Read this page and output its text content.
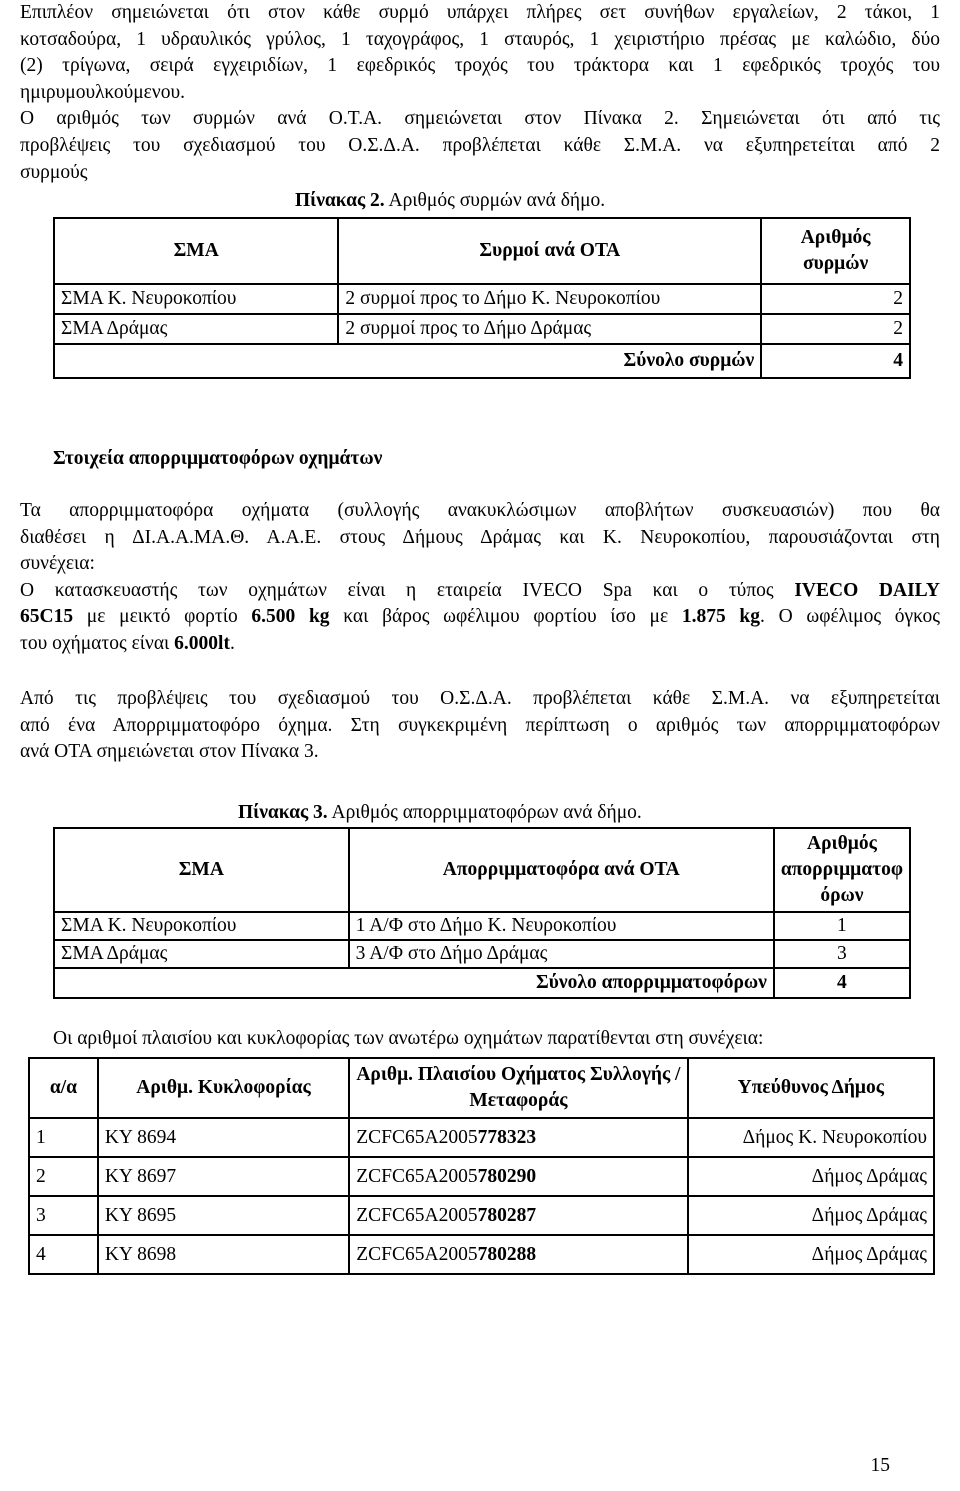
Επιπλέον σημειώνεται ότι στον κάθε συρμό υπάρχει πλήρες σετ συνήθων εργαλείων, 2 τάκοι, 1
κοτσαδούρα, 1 υδραυλικός γρύλος, 1 ταχογράφος, 1 σταυρός, 1 χειριστήριο πρέσας με καλώδιο, δύο
(2) τρίγωνα, σειρά εγχειριδίων, 1 εφεδρικός τροχός του τράκτορα και 1 εφεδρικός τροχός του
ημιρυμουλκούμενου.
Ο αριθμός των συρμών ανά Ο.Τ.Α. σημειώνεται στον Πίνακα 2. Σημειώνεται ότι από τις
προβλέψεις του σχεδιασμού του Ο.Σ.Δ.Α. προβλέπεται κάθε Σ.Μ.Α. να εξυπηρετείται από 2
συρμούς

Πίνακας 2. Αριθμός συρμών ανά δήμο.

ΣΜΑ	Συρμοί ανά ΟΤΑ	Αριθμός συρμών
ΣΜΑ Κ. Νευροκοπίου	2 συρμοί προς το Δήμο Κ. Νευροκοπίου	2
ΣΜΑ Δράμας	2 συρμοί προς το Δήμο Δράμας	2
Σύνολο συρμών		4

Στοιχεία απορριμματοφόρων οχημάτων

Τα απορριμματοφόρα οχήματα (συλλογής ανακυκλώσιμων αποβλήτων συσκευασιών) που θα
διαθέσει η ΔΙ.Α.Α.ΜΑ.Θ. Α.Α.Ε. στους Δήμους Δράμας και Κ. Νευροκοπίου, παρουσιάζονται στη
συνέχεια:
Ο κατασκευαστής των οχημάτων είναι η εταιρεία IVECO Spa και ο τύπος IVECO DAILY
65C15 με μεικτό φορτίο 6.500 kg και βάρος ωφέλιμου φορτίου ίσο με 1.875 kg. Ο ωφέλιμος όγκος
του οχήματος είναι 6.000lt.

Από τις προβλέψεις του σχεδιασμού του Ο.Σ.Δ.Α. προβλέπεται κάθε Σ.Μ.Α. να εξυπηρετείται
από ένα Απορριμματοφόρο όχημα. Στη συγκεκριμένη περίπτωση ο αριθμός των απορριμματοφόρων
ανά ΟΤΑ σημειώνεται στον Πίνακα 3.

Πίνακας 3. Αριθμός απορριμματοφόρων ανά δήμο.

ΣΜΑ	Απορριμματοφόρα ανά ΟΤΑ	Αριθμός απορριμματοφ όρων
ΣΜΑ Κ. Νευροκοπίου	1 Α/Φ στο Δήμο Κ. Νευροκοπίου	1
ΣΜΑ Δράμας	3 Α/Φ στο Δήμο Δράμας	3
Σύνολο απορριμματοφόρων		4

Οι αριθμοί πλαισίου και κυκλοφορίας των ανωτέρω οχημάτων παρατίθενται στη συνέχεια:

α/α	Αριθμ. Κυκλοφορίας	Αριθμ. Πλαισίου Οχήματος Συλλογής / Μεταφοράς	Υπεύθυνος Δήμος
1	ΚΥ 8694	ZCFC65A2005778323	Δήμος Κ. Νευροκοπίου
2	ΚΥ 8697	ZCFC65A2005780290	Δήμος Δράμας
3	ΚΥ 8695	ZCFC65A2005780287	Δήμος Δράμας
4	ΚΥ 8698	ZCFC65A2005780288	Δήμος Δράμας
15
